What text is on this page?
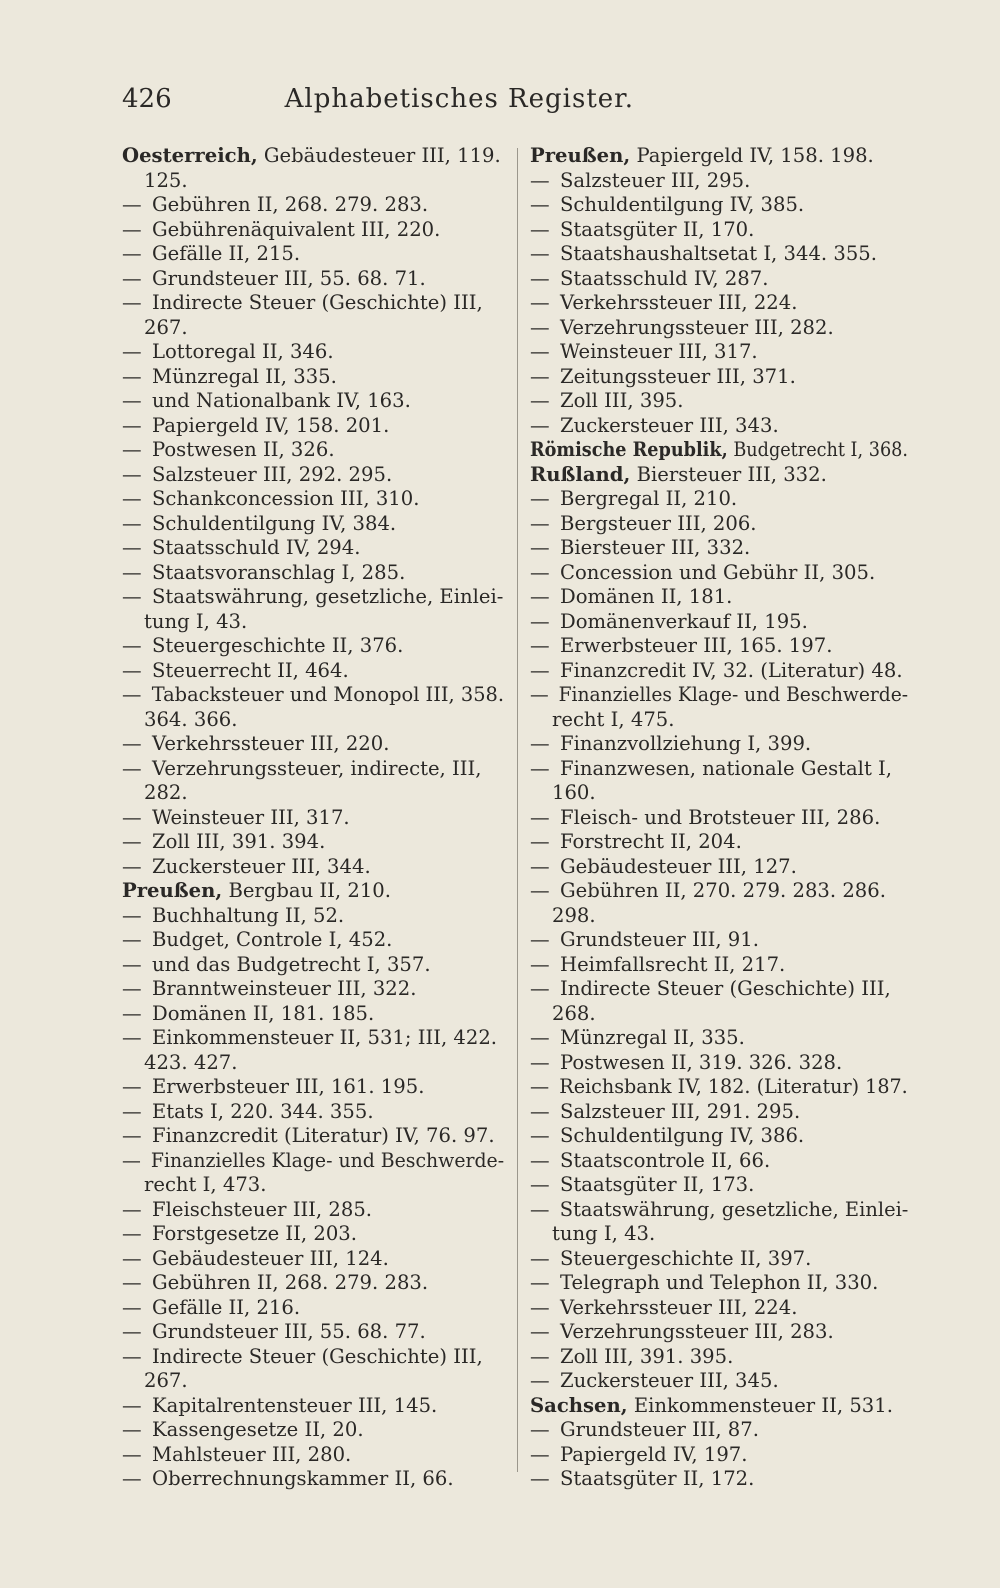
426	Alphabetisches Register.
Oesterreich, Gebäudesteuer III, 119.
125.
— Gebühren II, 268. 279. 283.
— Gebührenäquivalent III, 220.
— Gefälle II, 215.
— Grundsteuer III, 55. 68. 71.
— Indirecte Steuer (Geschichte) III,
267.
— Lottoregal II, 346.
— Münzregal II, 335.
— und Nationalbank IV, 163.
— Papiergeld IV, 158. 201.
— Postwesen II, 326.
— Salzsteuer III, 292. 295.
— Schankconcession III, 310.
— Schuldentilgung IV, 384.
— Staatsschuld IV, 294.
— Staatsvoranschlag I, 285.
— Staatswährung, gesetzliche, Einlei-
tung I, 43.
— Steuergeschichte II, 376.
— Steuerrecht II, 464.
— Tabacksteuer und Monopol III, 358.
364. 366.
— Verkehrssteuer III, 220.
— Verzehrungssteuer, indirecte, III,
282.
— Weinsteuer III, 317.
— Zoll III, 391. 394.
— Zuckersteuer III, 344.
Preußen, Bergbau II, 210.
— Buchhaltung II, 52.
— Budget, Controle I, 452.
— und das Budgetrecht I, 357.
— Branntweinsteuer III, 322.
— Domänen II, 181. 185.
— Einkommensteuer II, 531; III, 422.
423. 427.
— Erwerbsteuer III, 161. 195.
— Etats I, 220. 344. 355.
— Finanzcredit (Literatur) IV, 76. 97.
— Finanzielles Klage- und Beschwerde-
recht I, 473.
— Fleischsteuer III, 285.
— Forstgesetze II, 203.
— Gebäudesteuer III, 124.
— Gebühren II, 268. 279. 283.
— Gefälle II, 216.
— Grundsteuer III, 55. 68. 77.
— Indirecte Steuer (Geschichte) III,
267.
— Kapitalrentensteuer III, 145.
— Kassengesetze II, 20.
— Mahlsteuer III, 280.
— Oberrechnungskammer II, 66.
Preußen, Papiergeld IV, 158. 198.
— Salzsteuer III, 295.
— Schuldentilgung IV, 385.
— Staatsgüter II, 170.
— Staatshaushaltsetat I, 344. 355.
— Staatsschuld IV, 287.
— Verkehrssteuer III, 224.
— Verzehrungssteuer III, 282.
— Weinsteuer III, 317.
— Zeitungssteuer III, 371.
— Zoll III, 395.
— Zuckersteuer III, 343.
Römische Republik, Budgetrecht I, 368.
Rußland, Biersteuer III, 332.
— Bergregal II, 210.
— Bergsteuer III, 206.
— Biersteuer III, 332.
— Concession und Gebühr II, 305.
— Domänen II, 181.
— Domänenverkauf II, 195.
— Erwerbsteuer III, 165. 197.
— Finanzcredit IV, 32. (Literatur) 48.
— Finanzielles Klage- und Beschwerde-
recht I, 475.
— Finanzvollziehung I, 399.
— Finanzwesen, nationale Gestalt I,
160.
— Fleisch- und Brotsteuer III, 286.
— Forstrecht II, 204.
— Gebäudesteuer III, 127.
— Gebühren II, 270. 279. 283. 286.
298.
— Grundsteuer III, 91.
— Heimfallsrecht II, 217.
— Indirecte Steuer (Geschichte) III,
268.
— Münzregal II, 335.
— Postwesen II, 319. 326. 328.
— Reichsbank IV, 182. (Literatur) 187.
— Salzsteuer III, 291. 295.
— Schuldentilgung IV, 386.
— Staatscontrole II, 66.
— Staatsgüter II, 173.
— Staatswährung, gesetzliche, Einlei-
tung I, 43.
— Steuergeschichte II, 397.
— Telegraph und Telephon II, 330.
— Verkehrssteuer III, 224.
— Verzehrungssteuer III, 283.
— Zoll III, 391. 395.
— Zuckersteuer III, 345.
Sachsen, Einkommensteuer II, 531.
— Grundsteuer III, 87.
— Papiergeld IV, 197.
— Staatsgüter II, 172.
